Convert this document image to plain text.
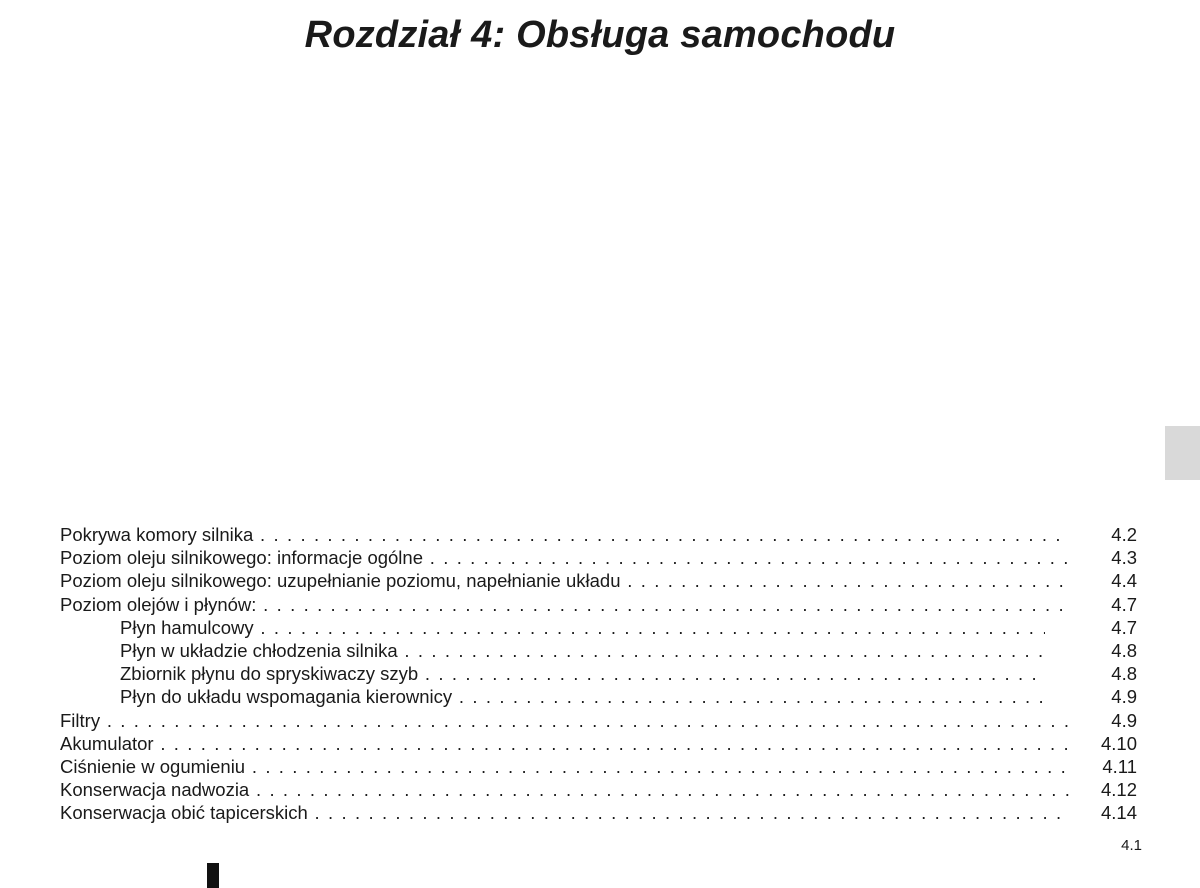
Rozdział 4: Obsługa samochodu
Pokrywa komory silnika . . .	4.2
Poziom oleju silnikowego: informacje ogólne . . .	4.3
Poziom oleju silnikowego: uzupełnianie poziomu, napełnianie układu . . .	4.4
Poziom olejów i płynów: . . .	4.7
Płyn hamulcowy . . .	4.7
Płyn w układzie chłodzenia silnika . . .	4.8
Zbiornik płynu do spryskiwaczy szyb . . .	4.8
Płyn do układu wspomagania kierownicy . . .	4.9
Filtry . . .	4.9
Akumulator . . .	4.10
Ciśnienie w ogumieniu . . .	4.11
Konserwacja nadwozia . . .	4.12
Konserwacja obić tapicerskich . . .	4.14
4.1
